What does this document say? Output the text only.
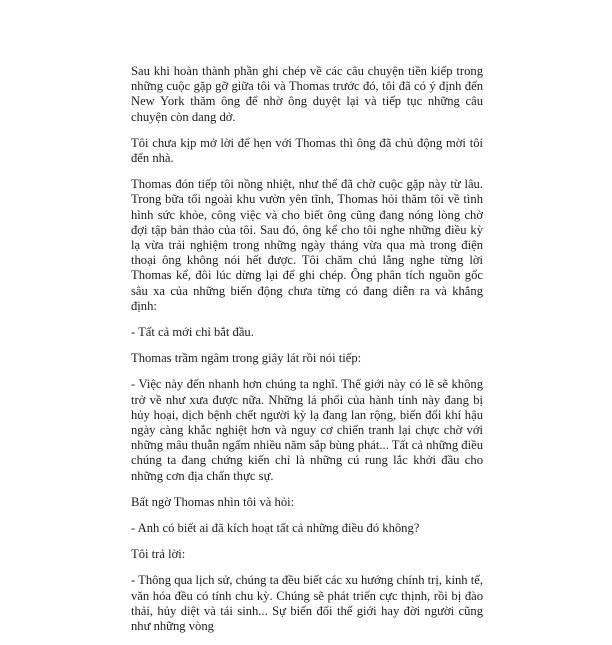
Sau khi hoàn thành phần ghi chép về các câu chuyện tiền kiếp trong những cuộc gặp gỡ giữa tôi và Thomas trước đó, tôi đã có ý định đến New York thăm ông để nhờ ông duyệt lại và tiếp tục những câu chuyện còn dang dở.

Tôi chưa kịp mở lời để hẹn với Thomas thì ông đã chủ động mời tôi đến nhà.

Thomas đón tiếp tôi nồng nhiệt, như thể đã chờ cuộc gặp này từ lâu. Trong bữa tối ngoài khu vườn yên tĩnh, Thomas hỏi thăm tôi về tình hình sức khỏe, công việc và cho biết ông cũng đang nóng lòng chờ đợi tập bản thảo của tôi. Sau đó, ông kể cho tôi nghe những điều kỳ lạ vừa trải nghiệm trong những ngày tháng vừa qua mà trong điện thoại ông không nói hết được. Tôi chăm chú lắng nghe từng lời Thomas kể, đôi lúc dừng lại để ghi chép. Ông phân tích nguồn gốc sâu xa của những biến động chưa từng có đang diễn ra và khẳng định:

- Tất cả mới chỉ bắt đầu.

Thomas trầm ngâm trong giây lát rồi nói tiếp:

- Việc này đến nhanh hơn chúng ta nghĩ. Thế giới này có lẽ sẽ không trở về như xưa được nữa. Những lá phổi của hành tinh này đang bị hủy hoại, dịch bệnh chết người kỳ lạ đang lan rộng, biến đổi khí hậu ngày càng khắc nghiệt hơn và nguy cơ chiến tranh lại chực chờ với những mâu thuẫn ngấm nhiều năm sắp bùng phát... Tất cả những điều chúng ta đang chứng kiến chỉ là những cú rung lắc khởi đầu cho những cơn địa chấn thực sự.

Bất ngờ Thomas nhìn tôi và hỏi:

- Anh có biết ai đã kích hoạt tất cả những điều đó không?

Tôi trả lời:

- Thông qua lịch sử, chúng ta đều biết các xu hướng chính trị, kinh tế, văn hóa đều có tính chu kỳ. Chúng sẽ phát triển cực thịnh, rồi bị đào thải, hủy diệt và tái sinh... Sự biến đổi thế giới hay đời người cũng như những vòng
